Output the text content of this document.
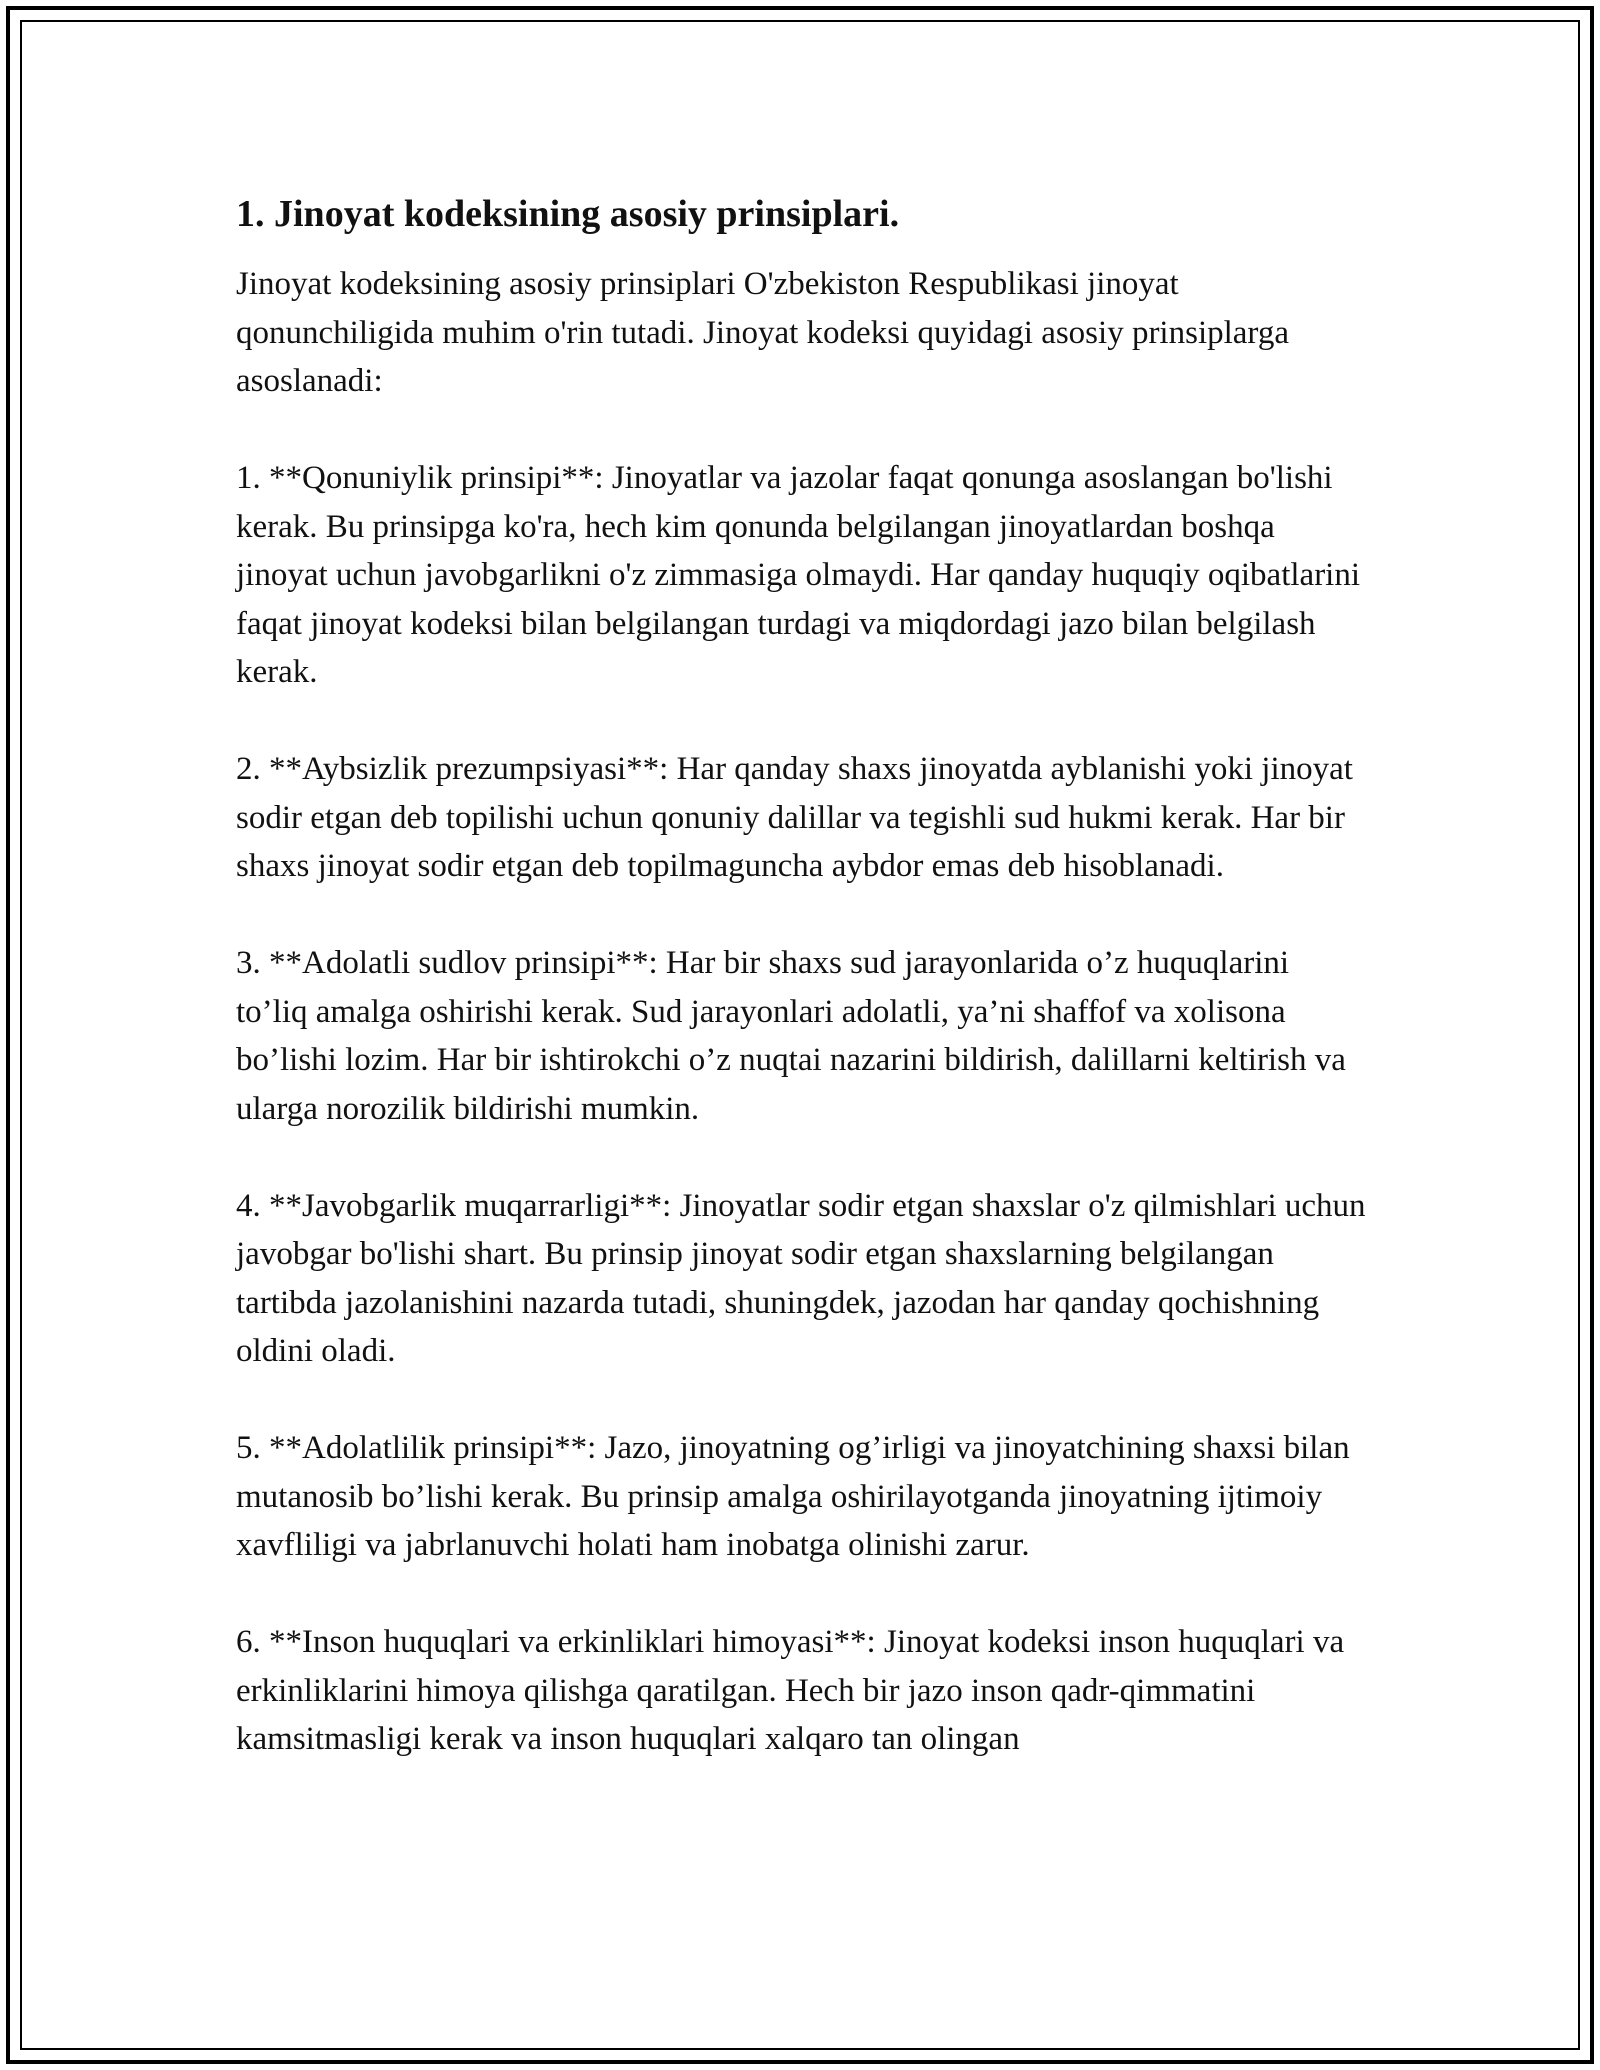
1. Jinoyat kodeksining asosiy prinsiplari.

Jinoyat kodeksining asosiy prinsiplari O'zbekiston Respublikasi jinoyat qonunchiligida muhim o'rin tutadi. Jinoyat kodeksi quyidagi asosiy prinsiplarga asoslanadi:

1. **Qonuniylik prinsipi**: Jinoyatlar va jazolar faqat qonunga asoslangan bo'lishi kerak. Bu prinsipga ko'ra, hech kim qonunda belgilangan jinoyatlardan boshqa jinoyat uchun javobgarlikni o'z zimmasiga olmaydi. Har qanday huquqiy oqibatlarini faqat jinoyat kodeksi bilan belgilangan turdagi va miqdordagi jazo bilan belgilash kerak.

2. **Aybsizlik prezumpsiyasi**: Har qanday shaxs jinoyatda ayblanishi yoki jinoyat sodir etgan deb topilishi uchun qonuniy dalillar va tegishli sud hukmi kerak. Har bir shaxs jinoyat sodir etgan deb topilmaguncha aybdor emas deb hisoblanadi.

3. **Adolatli sudlov prinsipi**: Har bir shaxs sud jarayonlarida o’z huquqlarini to’liq amalga oshirishi kerak. Sud jarayonlari adolatli, ya’ni shaffof va xolisona bo’lishi lozim. Har bir ishtirokchi o’z nuqtai nazarini bildirish, dalillarni keltirish va ularga norozilik bildirishi mumkin.

4. **Javobgarlik muqarrarligi**: Jinoyatlar sodir etgan shaxslar o'z qilmishlari uchun javobgar bo'lishi shart. Bu prinsip jinoyat sodir etgan shaxslarning belgilangan tartibda jazolanishini nazarda tutadi, shuningdek, jazodan har qanday qochishning oldini oladi.

5. **Adolatlilik prinsipi**: Jazo, jinoyatning og’irligi va jinoyatchining shaxsi bilan mutanosib bo’lishi kerak. Bu prinsip amalga oshirilayotganda jinoyatning ijtimoiy xavfliligi va jabrlanuvchi holati ham inobatga olinishi zarur.

6. **Inson huquqlari va erkinliklari himoyasi**: Jinoyat kodeksi inson huquqlari va erkinliklarini himoya qilishga qaratilgan. Hech bir jazo inson qadr-qimmatini kamsitmasligi kerak va inson huquqlari xalqaro tan olingan
